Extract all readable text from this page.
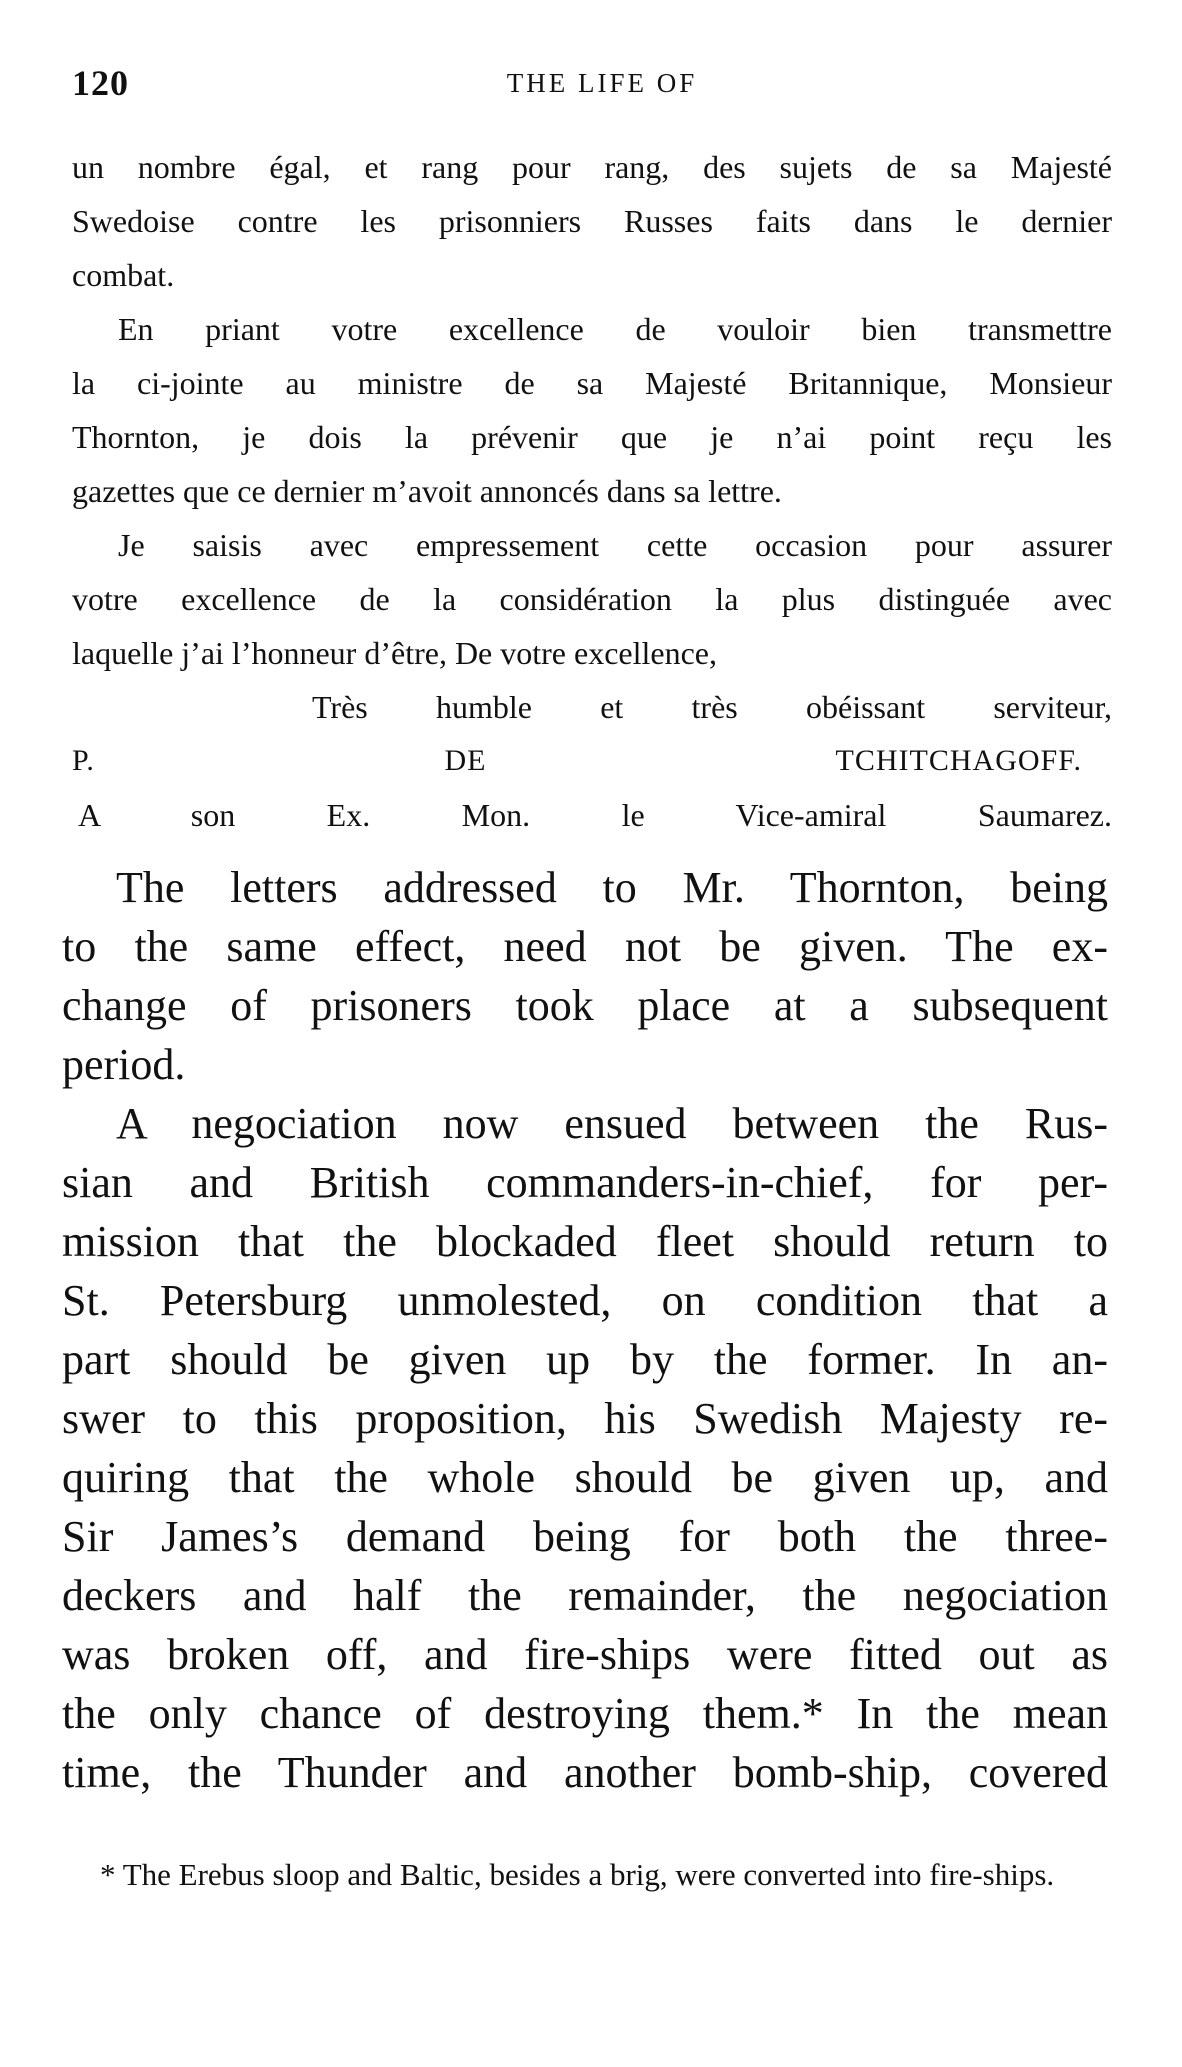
120	THE LIFE OF

un nombre égal, et rang pour rang, des sujets de sa Majesté

Swedoise contre les prisonniers Russes faits dans le dernier

combat.

En priant votre excellence de vouloir bien transmettre

la ci-jointe au ministre de sa Majesté Britannique, Monsieur

Thornton, je dois la prévenir que je n’ai point reçu les

gazettes que ce dernier m’avoit annoncés dans sa lettre.

Je saisis avec empressement cette occasion pour assurer

votre excellence de la considération la plus distinguée avec

laquelle j’ai l’honneur d’être, De votre excellence,

Très humble et très obéissant serviteur,

P. DE TCHITCHAGOFF.

A son Ex. Mon. le Vice-amiral Saumarez.

The letters addressed to Mr. Thornton, being

to the same effect, need not be given. The ex-

change of prisoners took place at a subsequent

period.

A negociation now ensued between the Rus-

sian and British commanders-in-chief, for per-

mission that the blockaded fleet should return to

St. Petersburg unmolested, on condition that a

part should be given up by the former. In an-

swer to this proposition, his Swedish Majesty re-

quiring that the whole should be given up, and

Sir James’s demand being for both the three-

deckers and half the remainder, the negociation

was broken off, and fire-ships were fitted out as

the only chance of destroying them.* In the mean

time, the Thunder and another bomb-ship, covered

* The Erebus sloop and Baltic, besides a brig, were converted into fire-ships.
